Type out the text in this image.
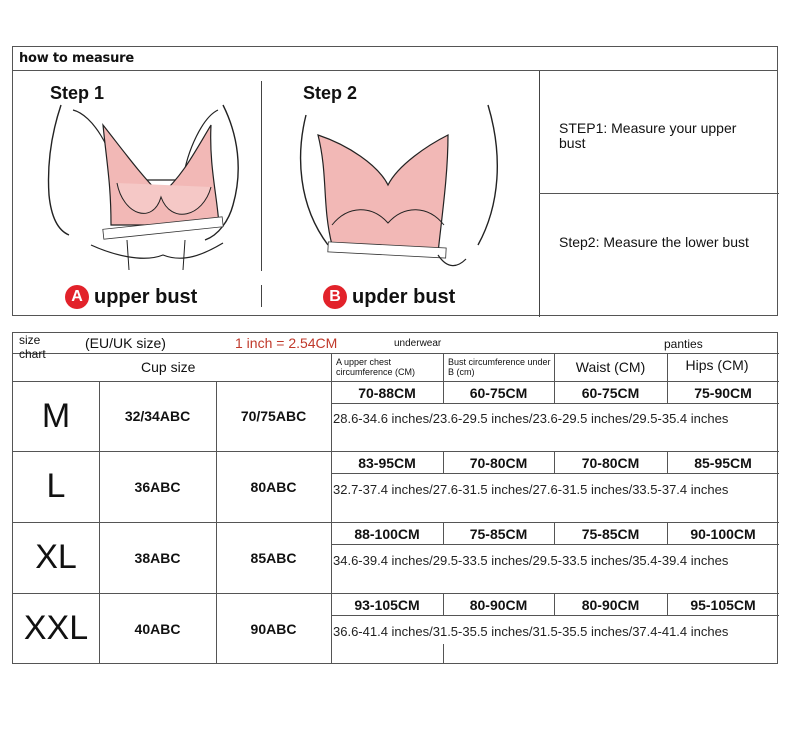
how to measure
Step 1	Step 2
A upper bust	B upder bust
STEP1: Measure your upper bust
Step2: Measure the lower bust
size chart
(EU/UK size)	1 inch = 2.54CM	underwear	panties
Cup size	A upper chest circumference (CM)
Bust circumference under B (cm)	Waist (CM)	Hips (CM)
M	32/34ABC	70/75ABC
70-88CM	60-75CM	60-75CM	75-90CM
28.6-34.6 inches/23.6-29.5 inches/23.6-29.5 inches/29.5-35.4 inches
L	36ABC	80ABC
83-95CM	70-80CM	70-80CM	85-95CM
32.7-37.4 inches/27.6-31.5 inches/27.6-31.5 inches/33.5-37.4 inches
XL	38ABC	85ABC
88-100CM	75-85CM	75-85CM	90-100CM
34.6-39.4 inches/29.5-33.5 inches/29.5-33.5 inches/35.4-39.4 inches
XXL	40ABC	90ABC
93-105CM	80-90CM	80-90CM	95-105CM
36.6-41.4 inches/31.5-35.5 inches/31.5-35.5 inches/37.4-41.4 inches
